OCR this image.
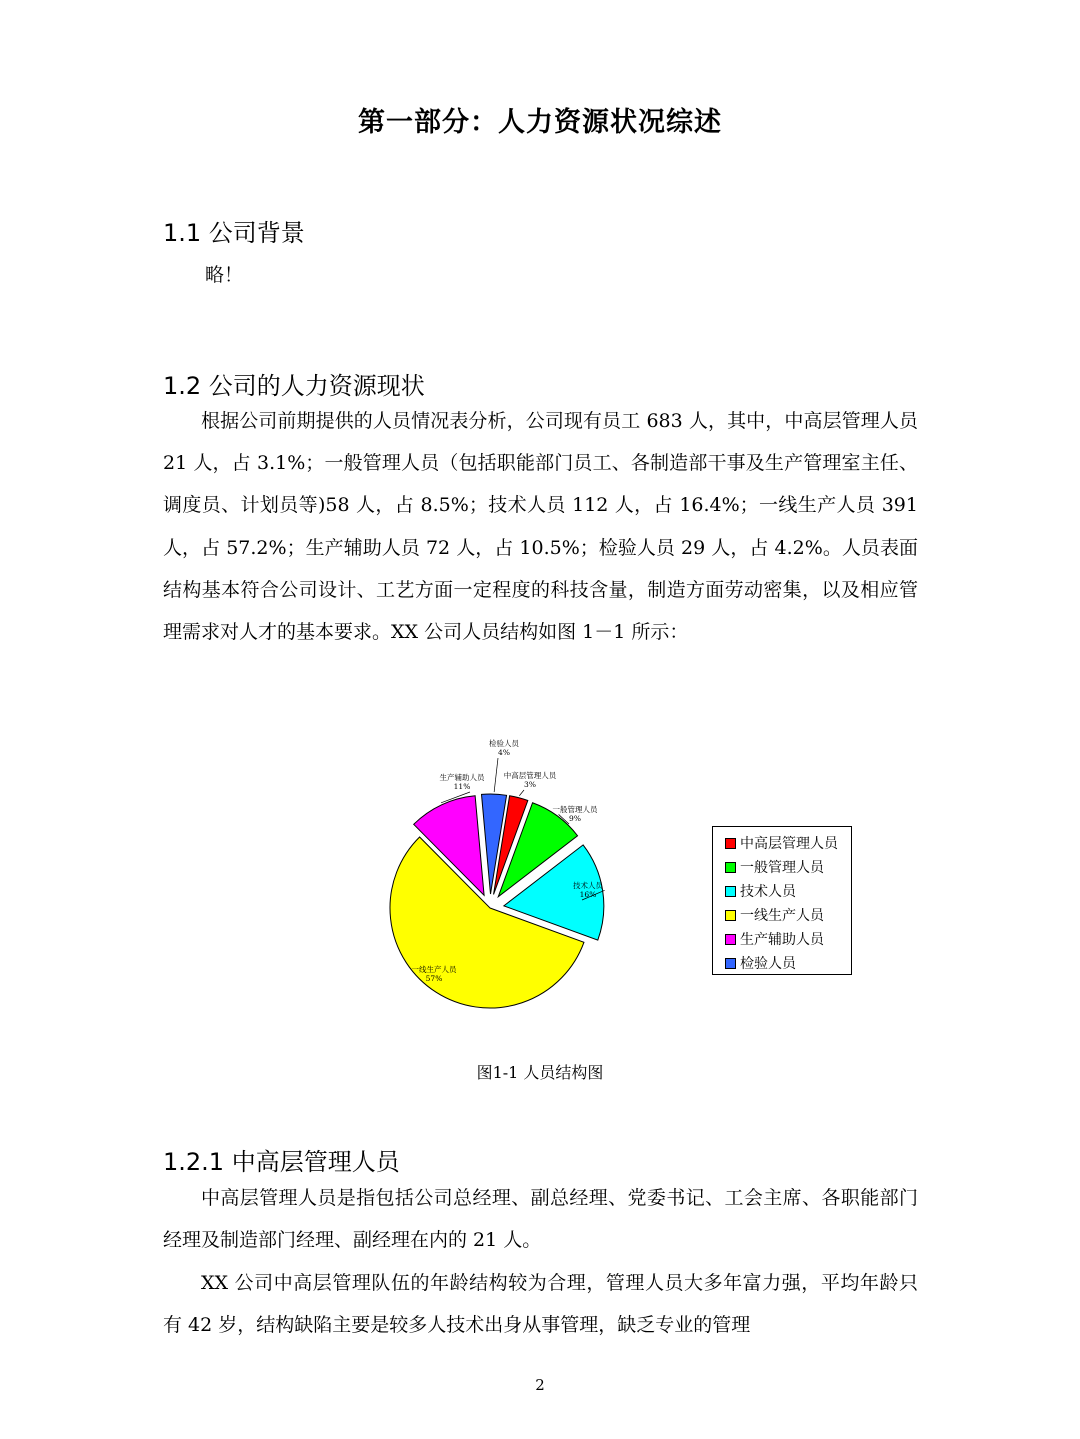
第一部分：人力资源状况综述
1.1 公司背景
略！
1.2 公司的人力资源现状

根据公司前期提供的人员情况表分析，公司现有员工 683 人，其中，中高层管理人员 21 人，占 3.1%；一般管理人员（包括职能部门员工、各制造部干事及生产管理室主任、调度员、计划员等)58 人，占 8.5%；技术人员 112 人，占 16.4%；一线生产人员 391 人，占 57.2%；生产辅助人员 72 人，占 10.5%；检验人员 29 人，占 4.2%。人员表面结构基本符合公司设计、工艺方面一定程度的科技含量，制造方面劳动密集，以及相应管理需求对人才的基本要求。XX 公司人员结构如图 1－1 所示：

检验人员
4%
中高层管理人员
3%
一般管理人员
9%
技术人员
16%
一线生产人员
57%
生产辅助人员
11%
中高层管理人员
一般管理人员
技术人员
一线生产人员
生产辅助人员
检验人员
图1-1 人员结构图
1.2.1 中高层管理人员

中高层管理人员是指包括公司总经理、副总经理、党委书记、工会主席、各职能部门经理及制造部门经理、副经理在内的 21 人。

XX 公司中高层管理队伍的年龄结构较为合理，管理人员大多年富力强，平均年龄只有 42 岁，结构缺陷主要是较多人技术出身从事管理，缺乏专业的管理

2
